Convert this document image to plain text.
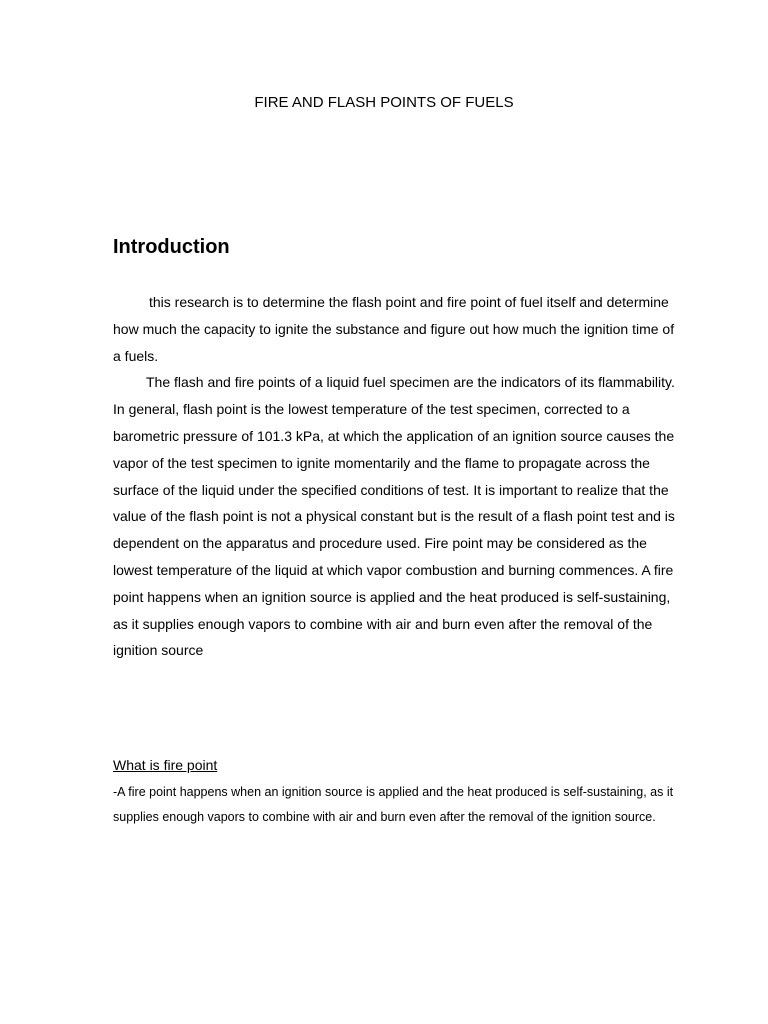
FIRE AND FLASH POINTS OF FUELS
Introduction

this research is to determine the flash point and fire point of fuel itself and determine how much the capacity to ignite the substance and figure out how much the ignition time of a fuels.

The flash and fire points of a liquid fuel specimen are the indicators of its flammability. In general, flash point is the lowest temperature of the test specimen, corrected to a barometric pressure of 101.3 kPa, at which the application of an ignition source causes the vapor of the test specimen to ignite momentarily and the flame to propagate across the surface of the liquid under the specified conditions of test. It is important to realize that the value of the flash point is not a physical constant but is the result of a flash point test and is dependent on the apparatus and procedure used. Fire point may be considered as the lowest temperature of the liquid at which vapor combustion and burning commences. A fire point happens when an ignition source is applied and the heat produced is self-sustaining, as it supplies enough vapors to combine with air and burn even after the removal of the ignition source

What is fire point

-A fire point happens when an ignition source is applied and the heat produced is self-sustaining, as it supplies enough vapors to combine with air and burn even after the removal of the ignition source.
